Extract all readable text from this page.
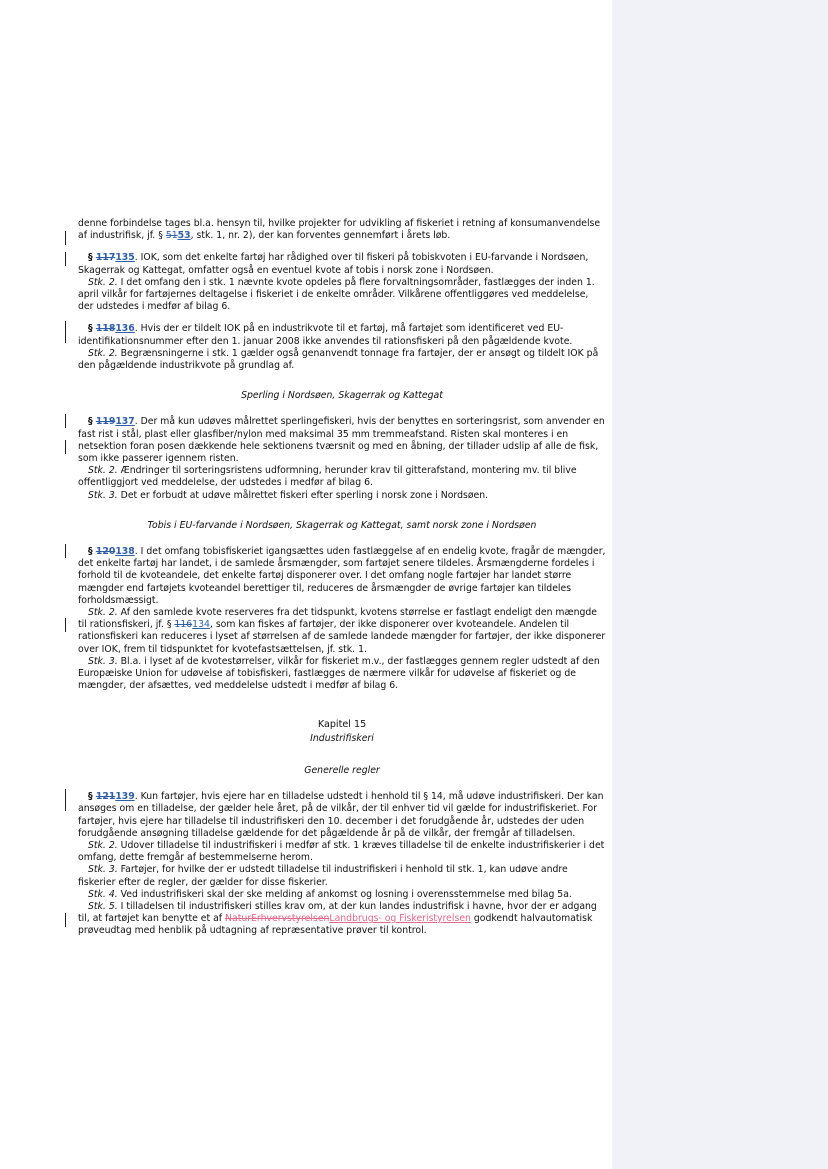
denne forbindelse tages bl.a. hensyn til, hvilke projekter for udvikling af fiskeriet i retning af konsumanvendelse af industrifisk, jf. § 5153, stk. 1, nr. 2), der kan forventes gennemført i årets løb.

§ 117135. IOK, som det enkelte fartøj har rådighed over til fiskeri på tobiskvoten i EU-farvande i Nordsøen, Skagerrak og Kattegat, omfatter også en eventuel kvote af tobis i norsk zone i Nordsøen.

Stk. 2. I det omfang den i stk. 1 nævnte kvote opdeles på flere forvaltningsområder, fastlægges der inden 1. april vilkår for fartøjernes deltagelse i fiskeriet i de enkelte områder. Vilkårene offentliggøres ved meddelelse, der udstedes i medfør af bilag 6.

§ 118136. Hvis der er tildelt IOK på en industrikvote til et fartøj, må fartøjet som identificeret ved EU-identifikationsnummer efter den 1. januar 2008 ikke anvendes til rationsfiskeri på den pågældende kvote.

Stk. 2. Begrænsningerne i stk. 1 gælder også genanvendt tonnage fra fartøjer, der er ansøgt og tildelt IOK på den pågældende industrikvote på grundlag af.

Sperling i Nordsøen, Skagerrak og Kattegat

§ 119137. Der må kun udøves målrettet sperlingefiskeri, hvis der benyttes en sorteringsrist, som anvender en fast rist i stål, plast eller glasfiber/nylon med maksimal 35 mm tremmeafstand. Risten skal monteres i en netsektion foran posen dækkende hele sektionens tværsnit og med en åbning, der tillader udslip af alle de fisk, som ikke passerer igennem risten.

Stk. 2. Ændringer til sorteringsristens udformning, herunder krav til gitterafstand, montering mv. til blive offentliggjort ved meddelelse, der udstedes i medfør af bilag 6.

Stk. 3. Det er forbudt at udøve målrettet fiskeri efter sperling i norsk zone i Nordsøen.

Tobis i EU-farvande i Nordsøen, Skagerrak og Kattegat, samt norsk zone i Nordsøen

§ 120138. I det omfang tobisfiskeriet igangsættes uden fastlæggelse af en endelig kvote, fragår de mængder, det enkelte fartøj har landet, i de samlede årsmængder, som fartøjet senere tildeles. Årsmængderne fordeles i forhold til de kvoteandele, det enkelte fartøj disponerer over. I det omfang nogle fartøjer har landet større mængder end fartøjets kvoteandel berettiger til, reduceres de årsmængder de øvrige fartøjer kan tildeles forholdsmæssigt.

Stk. 2. Af den samlede kvote reserveres fra det tidspunkt, kvotens størrelse er fastlagt endeligt den mængde til rationsfiskeri, jf. § 116134, som kan fiskes af fartøjer, der ikke disponerer over kvoteandele. Andelen til rationsfiskeri kan reduceres i lyset af størrelsen af de samlede landede mængder for fartøjer, der ikke disponerer over IOK, frem til tidspunktet for kvotefastsættelsen, jf. stk. 1.

Stk. 3. Bl.a. i lyset af de kvotestørrelser, vilkår for fiskeriet m.v., der fastlægges gennem regler udstedt af den Europæiske Union for udøvelse af tobisfiskeri, fastlægges de nærmere vilkår for udøvelse af fiskeriet og de mængder, der afsættes, ved meddelelse udstedt i medfør af bilag 6.

Kapitel 15

Industrifiskeri

Generelle regler

§ 121139. Kun fartøjer, hvis ejere har en tilladelse udstedt i henhold til § 14, må udøve industrifiskeri. Der kan ansøges om en tilladelse, der gælder hele året, på de vilkår, der til enhver tid vil gælde for industrifiskeriet. For fartøjer, hvis ejere har tilladelse til industrifiskeri den 10. december i det forudgående år, udstedes der uden forudgående ansøgning tilladelse gældende for det pågældende år på de vilkår, der fremgår af tilladelsen.

Stk. 2. Udover tilladelse til industrifiskeri i medfør af stk. 1 kræves tilladelse til de enkelte industrifiskerier i det omfang, dette fremgår af bestemmelserne herom.

Stk. 3. Fartøjer, for hvilke der er udstedt tilladelse til industrifiskeri i henhold til stk. 1, kan udøve andre fiskerier efter de regler, der gælder for disse fiskerier.

Stk. 4. Ved industrifiskeri skal der ske melding af ankomst og losning i overensstemmelse med bilag 5a.

Stk. 5. I tilladelsen til industrifiskeri stilles krav om, at der kun landes industrifisk i havne, hvor der er adgang til, at fartøjet kan benytte et af NaturErhvervstyrelsenLandbrugs- og Fiskeristyrelsen godkendt halvautomatisk prøveudtag med henblik på udtagning af repræsentative prøver til kontrol.
